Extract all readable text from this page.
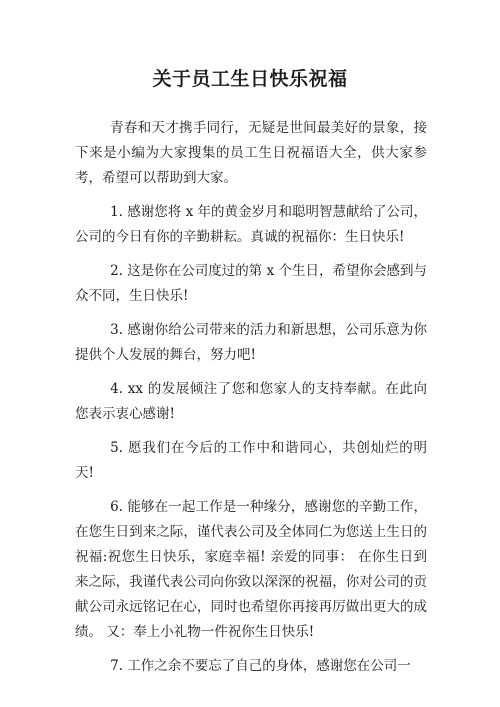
关于员工生日快乐祝福

青春和天才携手同行，无疑是世间最美好的景象，接下来是小编为大家搜集的员工生日祝福语大全，供大家参考，希望可以帮助到大家。

1. 感谢您将 x 年的黄金岁月和聪明智慧献给了公司，公司的今日有你的辛勤耕耘。真诚的祝福你：生日快乐!

2. 这是你在公司度过的第 x 个生日，希望你会感到与众不同，生日快乐!

3. 感谢你给公司带来的活力和新思想，公司乐意为你提供个人发展的舞台，努力吧!

4. xx 的发展倾注了您和您家人的支持奉献。在此向您表示衷心感谢!

5. 愿我们在今后的工作中和谐同心，共创灿烂的明天!

6. 能够在一起工作是一种缘分，感谢您的辛勤工作，在您生日到来之际，谨代表公司及全体同仁为您送上生日的祝福:祝您生日快乐，家庭幸福! 亲爱的同事： 在你生日到来之际，我谨代表公司向你致以深深的祝福，你对公司的贡献公司永远铭记在心，同时也希望你再接再厉做出更大的成绩。 又：奉上小礼物一件祝你生日快乐!

7. 工作之余不要忘了自己的身体，感谢您在公司一
